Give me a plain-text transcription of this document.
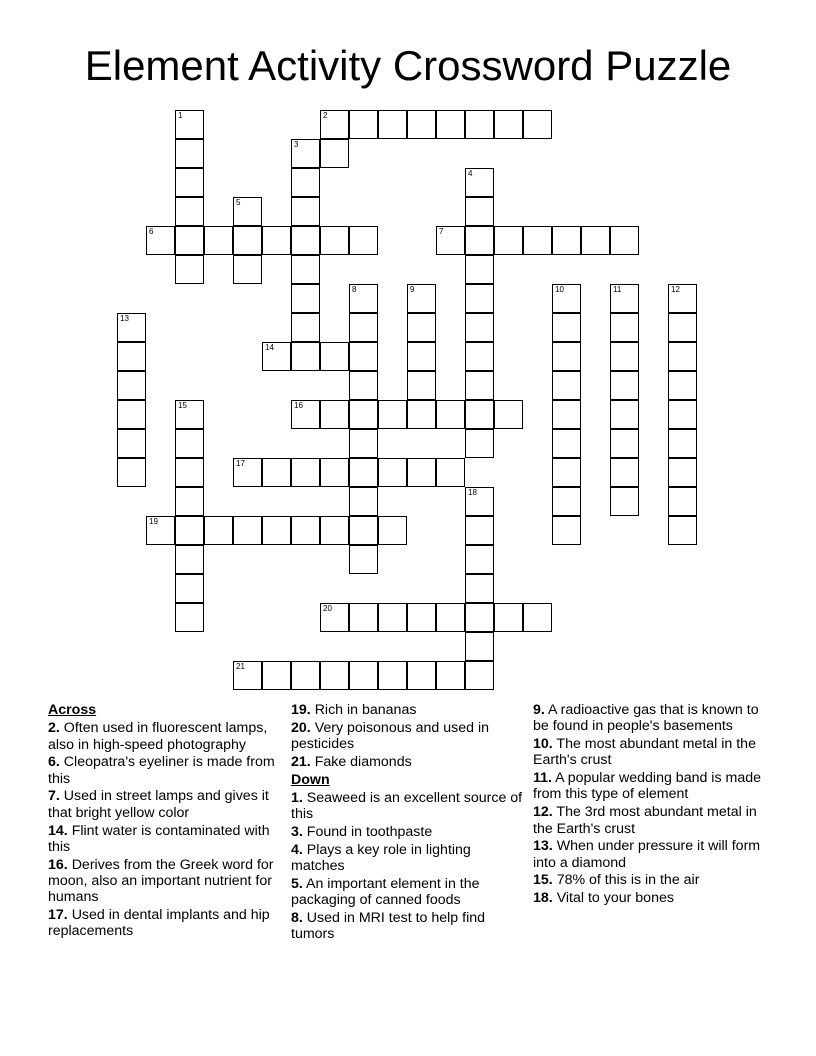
Element Activity Crossword Puzzle
1	2
3
4
5
6	7
8	9	10	11	12
13
14
15	16
17
18
19
20
21
Across
2. Often used in fluorescent lamps, also in high-speed photography
6. Cleopatra's eyeliner is made from this
7. Used in street lamps and gives it that bright yellow color
14. Flint water is contaminated with this
16. Derives from the Greek word for moon, also an important nutrient for humans
17. Used in dental implants and hip replacements
19. Rich in bananas
20. Very poisonous and used in pesticides
21. Fake diamonds
Down
1. Seaweed is an excellent source of this
3. Found in toothpaste
4. Plays a key role in lighting matches
5. An important element in the packaging of canned foods
8. Used in MRI test to help find tumors
9. A radioactive gas that is known to be found in people's basements
10. The most abundant metal in the Earth's crust
11. A popular wedding band is made from this type of element
12. The 3rd most abundant metal in the Earth's crust
13. When under pressure it will form into a diamond
15. 78% of this is in the air
18. Vital to your bones
